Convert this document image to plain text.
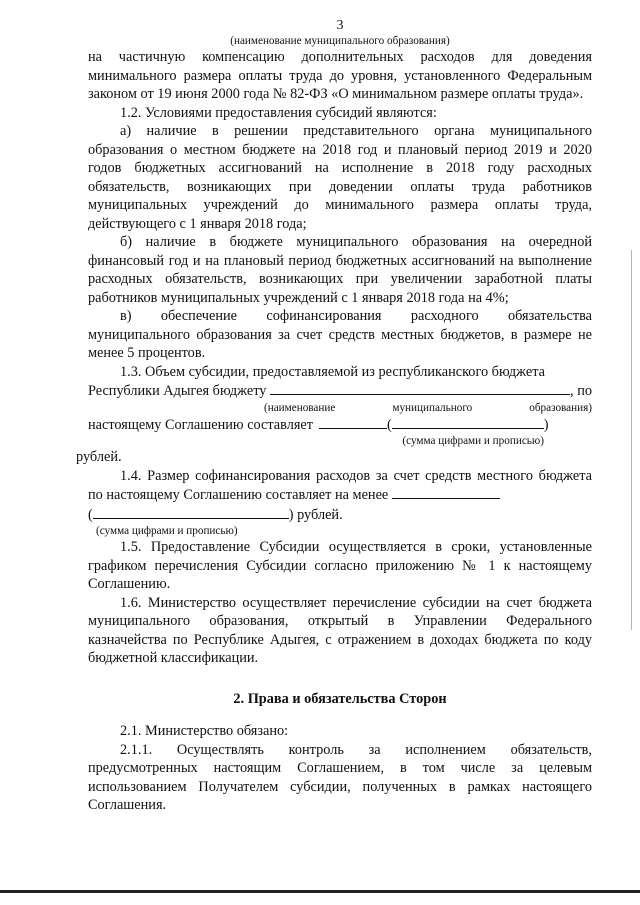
3
(наименование муниципального образования)

на частичную компенсацию дополнительных расходов для доведения минимального размера оплаты труда до уровня, установленного Федеральным законом от 19 июня 2000 года № 82-ФЗ «О минимальном размере оплаты труда».

1.2. Условиями предоставления субсидий являются:

а) наличие в решении представительного органа муниципального образования о местном бюджете на 2018 год и плановый период 2019 и 2020 годов бюджетных ассигнований на исполнение в 2018 году расходных обязательств, возникающих при доведении оплаты труда работников муниципальных учреждений до минимального размера оплаты труда, действующего с 1 января 2018 года;

б) наличие в бюджете муниципального образования на очередной финансовый год и на плановый период бюджетных ассигнований на выполнение расходных обязательств, возникающих при увеличении заработной платы работников муниципальных учреждений с 1 января 2018 года на 4%;

в) обеспечение софинансирования расходного обязательства муниципального образования за счет средств местных бюджетов, в размере не менее 5 процентов.

1.3. Объем субсидии, предоставляемой из республиканского бюджета

Республики Адыгея бюджету	, по
(наименование	муниципального	образования)
настоящему Соглашению составляет	(	)
(сумма цифрами и прописью)
рублей.

1.4. Размер софинансирования расходов за счет средств местного бюджета по настоящему Соглашению составляет на менее

(	) рублей.
(сумма цифрами и прописью)

1.5. Предоставление Субсидии осуществляется в сроки, установленные графиком перечисления Субсидии согласно приложению № 1 к настоящему Соглашению.

1.6. Министерство осуществляет перечисление субсидии на счет бюджета муниципального образования, открытый в Управлении Федерального казначейства по Республике Адыгея, с отражением в доходах бюджета по коду бюджетной классификации.

2. Права и обязательства Сторон

2.1. Министерство обязано:

2.1.1. Осуществлять контроль за исполнением обязательств, предусмотренных настоящим Соглашением, в том числе за целевым использованием Получателем субсидии, полученных в рамках настоящего Соглашения.
